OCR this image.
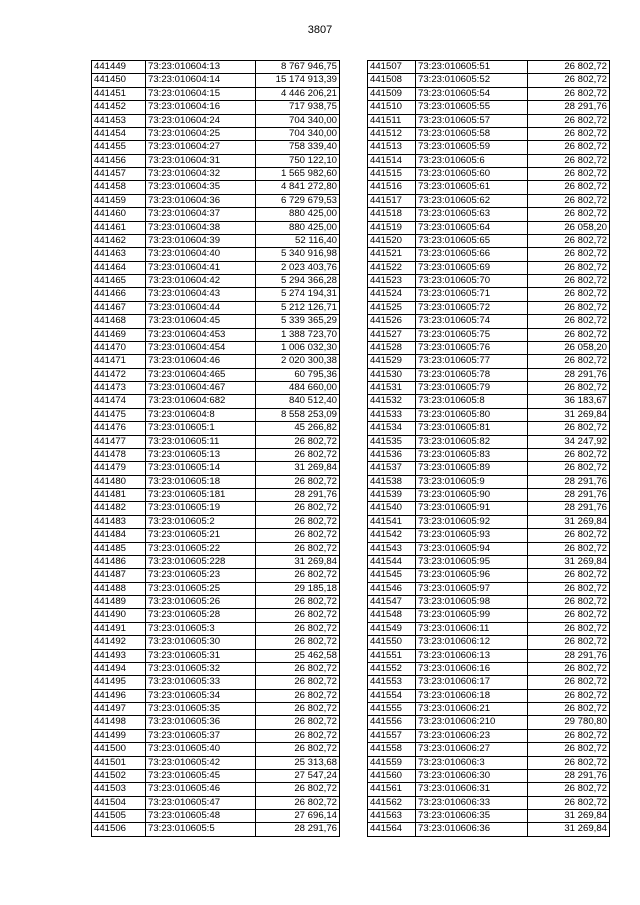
3807
441449	73:23:010604:13	8 767 946,75
441450	73:23:010604:14	15 174 913,39
441451	73:23:010604:15	4 446 206,21
441452	73:23:010604:16	717 938,75
441453	73:23:010604:24	704 340,00
441454	73:23:010604:25	704 340,00
441455	73:23:010604:27	758 339,40
441456	73:23:010604:31	750 122,10
441457	73:23:010604:32	1 565 982,60
441458	73:23:010604:35	4 841 272,80
441459	73:23:010604:36	6 729 679,53
441460	73:23:010604:37	880 425,00
441461	73:23:010604:38	880 425,00
441462	73:23:010604:39	52 116,40
441463	73:23:010604:40	5 340 916,98
441464	73:23:010604:41	2 023 403,76
441465	73:23:010604:42	5 294 366,28
441466	73:23:010604:43	5 274 194,31
441467	73:23:010604:44	5 212 126,71
441468	73:23:010604:45	5 339 365,29
441469	73:23:010604:453	1 388 723,70
441470	73:23:010604:454	1 006 032,30
441471	73:23:010604:46	2 020 300,38
441472	73:23:010604:465	60 795,36
441473	73:23:010604:467	484 660,00
441474	73:23:010604:682	840 512,40
441475	73:23:010604:8	8 558 253,09
441476	73:23:010605:1	45 266,82
441477	73:23:010605:11	26 802,72
441478	73:23:010605:13	26 802,72
441479	73:23:010605:14	31 269,84
441480	73:23:010605:18	26 802,72
441481	73:23:010605:181	28 291,76
441482	73:23:010605:19	26 802,72
441483	73:23:010605:2	26 802,72
441484	73:23:010605:21	26 802,72
441485	73:23:010605:22	26 802,72
441486	73:23:010605:228	31 269,84
441487	73:23:010605:23	26 802,72
441488	73:23:010605:25	29 185,18
441489	73:23:010605:26	26 802,72
441490	73:23:010605:28	26 802,72
441491	73:23:010605:3	26 802,72
441492	73:23:010605:30	26 802,72
441493	73:23:010605:31	25 462,58
441494	73:23:010605:32	26 802,72
441495	73:23:010605:33	26 802,72
441496	73:23:010605:34	26 802,72
441497	73:23:010605:35	26 802,72
441498	73:23:010605:36	26 802,72
441499	73:23:010605:37	26 802,72
441500	73:23:010605:40	26 802,72
441501	73:23:010605:42	25 313,68
441502	73:23:010605:45	27 547,24
441503	73:23:010605:46	26 802,72
441504	73:23:010605:47	26 802,72
441505	73:23:010605:48	27 696,14
441506	73:23:010605:5	28 291,76
441507	73:23:010605:51	26 802,72
441508	73:23:010605:52	26 802,72
441509	73:23:010605:54	26 802,72
441510	73:23:010605:55	28 291,76
441511	73:23:010605:57	26 802,72
441512	73:23:010605:58	26 802,72
441513	73:23:010605:59	26 802,72
441514	73:23:010605:6	26 802,72
441515	73:23:010605:60	26 802,72
441516	73:23:010605:61	26 802,72
441517	73:23:010605:62	26 802,72
441518	73:23:010605:63	26 802,72
441519	73:23:010605:64	26 058,20
441520	73:23:010605:65	26 802,72
441521	73:23:010605:66	26 802,72
441522	73:23:010605:69	26 802,72
441523	73:23:010605:70	26 802,72
441524	73:23:010605:71	26 802,72
441525	73:23:010605:72	26 802,72
441526	73:23:010605:74	26 802,72
441527	73:23:010605:75	26 802,72
441528	73:23:010605:76	26 058,20
441529	73:23:010605:77	26 802,72
441530	73:23:010605:78	28 291,76
441531	73:23:010605:79	26 802,72
441532	73:23:010605:8	36 183,67
441533	73:23:010605:80	31 269,84
441534	73:23:010605:81	26 802,72
441535	73:23:010605:82	34 247,92
441536	73:23:010605:83	26 802,72
441537	73:23:010605:89	26 802,72
441538	73:23:010605:9	28 291,76
441539	73:23:010605:90	28 291,76
441540	73:23:010605:91	28 291,76
441541	73:23:010605:92	31 269,84
441542	73:23:010605:93	26 802,72
441543	73:23:010605:94	26 802,72
441544	73:23:010605:95	31 269,84
441545	73:23:010605:96	26 802,72
441546	73:23:010605:97	26 802,72
441547	73:23:010605:98	26 802,72
441548	73:23:010605:99	26 802,72
441549	73:23:010606:11	26 802,72
441550	73:23:010606:12	26 802,72
441551	73:23:010606:13	28 291,76
441552	73:23:010606:16	26 802,72
441553	73:23:010606:17	26 802,72
441554	73:23:010606:18	26 802,72
441555	73:23:010606:21	26 802,72
441556	73:23:010606:210	29 780,80
441557	73:23:010606:23	26 802,72
441558	73:23:010606:27	26 802,72
441559	73:23:010606:3	26 802,72
441560	73:23:010606:30	28 291,76
441561	73:23:010606:31	26 802,72
441562	73:23:010606:33	26 802,72
441563	73:23:010606:35	31 269,84
441564	73:23:010606:36	31 269,84
